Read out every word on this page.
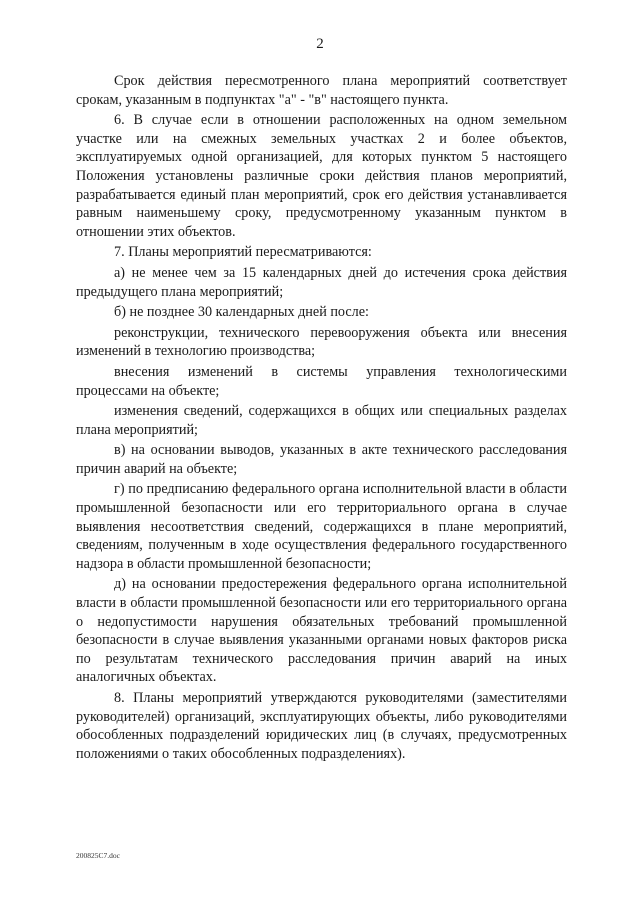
2

Срок действия пересмотренного плана мероприятий соответствует срокам, указанным в подпунктах "а" - "в" настоящего пункта.

6. В случае если в отношении расположенных на одном земельном участке или на смежных земельных участках 2 и более объектов, эксплуатируемых одной организацией, для которых пунктом 5 настоящего Положения установлены различные сроки действия планов мероприятий, разрабатывается единый план мероприятий, срок его действия устанавливается равным наименьшему сроку, предусмотренному указанным пунктом в отношении этих объектов.

7. Планы мероприятий пересматриваются:

а) не менее чем за 15 календарных дней до истечения срока действия предыдущего плана мероприятий;

б) не позднее 30 календарных дней после:

реконструкции, технического перевооружения объекта или внесения изменений в технологию производства;

внесения изменений в системы управления технологическими процессами на объекте;

изменения сведений, содержащихся в общих или специальных разделах плана мероприятий;

в) на основании выводов, указанных в акте технического расследования причин аварий на объекте;

г) по предписанию федерального органа исполнительной власти в области промышленной безопасности или его территориального органа в случае выявления несоответствия сведений, содержащихся в плане мероприятий, сведениям, полученным в ходе осуществления федерального государственного надзора в области промышленной безопасности;

д) на основании предостережения федерального органа исполнительной власти в области промышленной безопасности или его территориального органа о недопустимости нарушения обязательных требований промышленной безопасности в случае выявления указанными органами новых факторов риска по результатам технического расследования причин аварий на иных аналогичных объектах.

8. Планы мероприятий утверждаются руководителями (заместителями руководителей) организаций, эксплуатирующих объекты, либо руководителями обособленных подразделений юридических лиц (в случаях, предусмотренных положениями о таких обособленных подразделениях).

200825C7.doc
